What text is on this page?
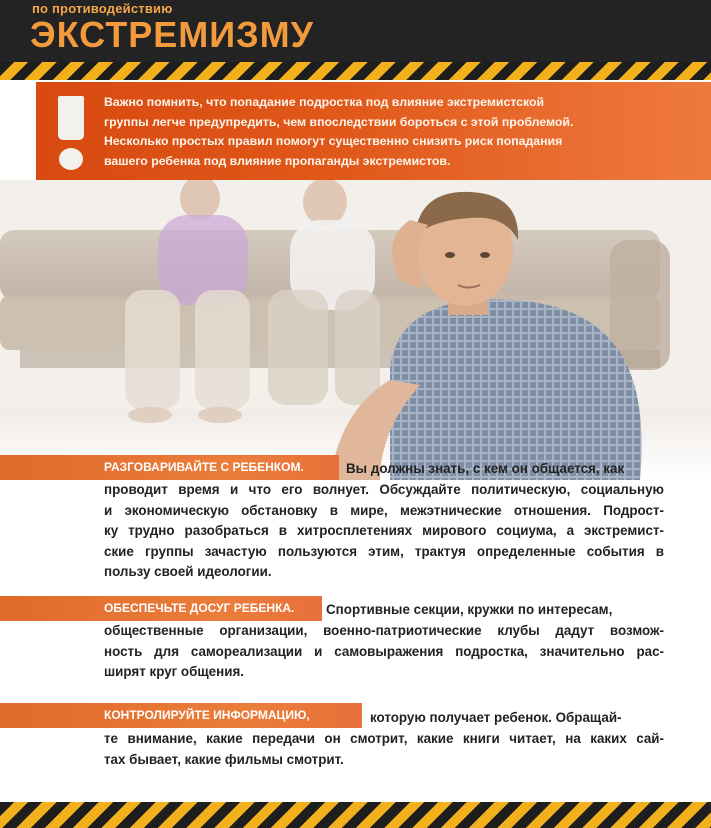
по противодействию
ЭКСТРЕМИЗМУ
Важно помнить, что попадание подростка под влияние экстремистской
группы легче предупредить, чем впоследствии бороться с этой проблемой.
Несколько простых правил помогут существенно снизить риск попадания
вашего ребенка под влияние пропаганды экстремистов.
РАЗГОВАРИВАЙТЕ С РЕБЕНКОМ.	Вы должны знать, с кем он общается, как
проводит время и что его волнует. Обсуждайте политическую, социальную
и экономическую обстановку в мире, межэтнические отношения. Подрост-
ку трудно разобраться в хитросплетениях мирового социума, а экстремист-
ские группы зачастую пользуются этим, трактуя определенные события в
пользу своей идеологии.
ОБЕСПЕЧЬТЕ ДОСУГ РЕБЕНКА.	Спортивные секции, кружки по интересам,
общественные организации, военно-патриотические клубы дадут возмож-
ность для самореализации и самовыражения подростка, значительно рас-
ширят круг общения.
КОНТРОЛИРУЙТЕ ИНФОРМАЦИЮ,	которую получает ребенок. Обращай-
те внимание, какие передачи он смотрит, какие книги читает, на каких сай-
тах бывает, какие фильмы смотрит.
